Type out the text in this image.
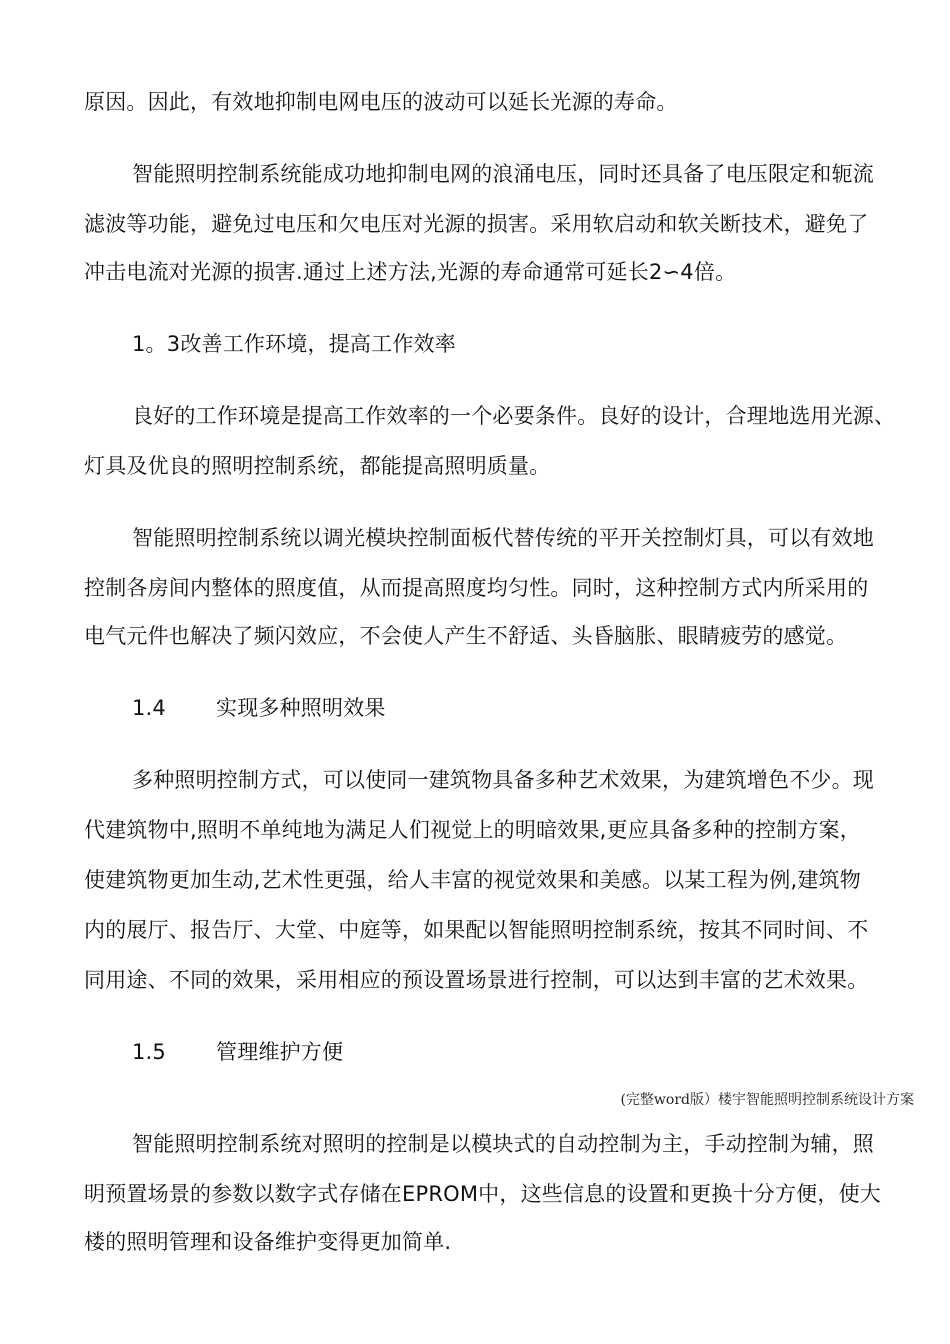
原因。因此，有效地抑制电网电压的波动可以延长光源的寿命。
智能照明控制系统能成功地抑制电网的浪涌电压，同时还具备了电压限定和轭流
滤波等功能，避免过电压和欠电压对光源的损害。采用软启动和软关断技术，避免了
冲击电流对光源的损害.通过上述方法,光源的寿命通常可延长2∽4倍。
1。3改善工作环境，提高工作效率
良好的工作环境是提高工作效率的一个必要条件。良好的设计，合理地选用光源、
灯具及优良的照明控制系统，都能提高照明质量。
智能照明控制系统以调光模块控制面板代替传统的平开关控制灯具，可以有效地
控制各房间内整体的照度值，从而提高照度均匀性。同时，这种控制方式内所采用的
电气元件也解决了频闪效应，不会使人产生不舒适、头昏脑胀、眼睛疲劳的感觉。
1.4 实现多种照明效果
多种照明控制方式，可以使同一建筑物具备多种艺术效果，为建筑增色不少。现
代建筑物中,照明不单纯地为满足人们视觉上的明暗效果,更应具备多种的控制方案，
使建筑物更加生动,艺术性更强，给人丰富的视觉效果和美感。以某工程为例,建筑物
内的展厅、报告厅、大堂、中庭等，如果配以智能照明控制系统，按其不同时间、不
同用途、不同的效果，采用相应的预设置场景进行控制，可以达到丰富的艺术效果。
1.5 管理维护方便
(完整word版）楼宇智能照明控制系统设计方案
智能照明控制系统对照明的控制是以模块式的自动控制为主，手动控制为辅，照
明预置场景的参数以数字式存储在EPROM中，这些信息的设置和更换十分方便，使大
楼的照明管理和设备维护变得更加简单.
